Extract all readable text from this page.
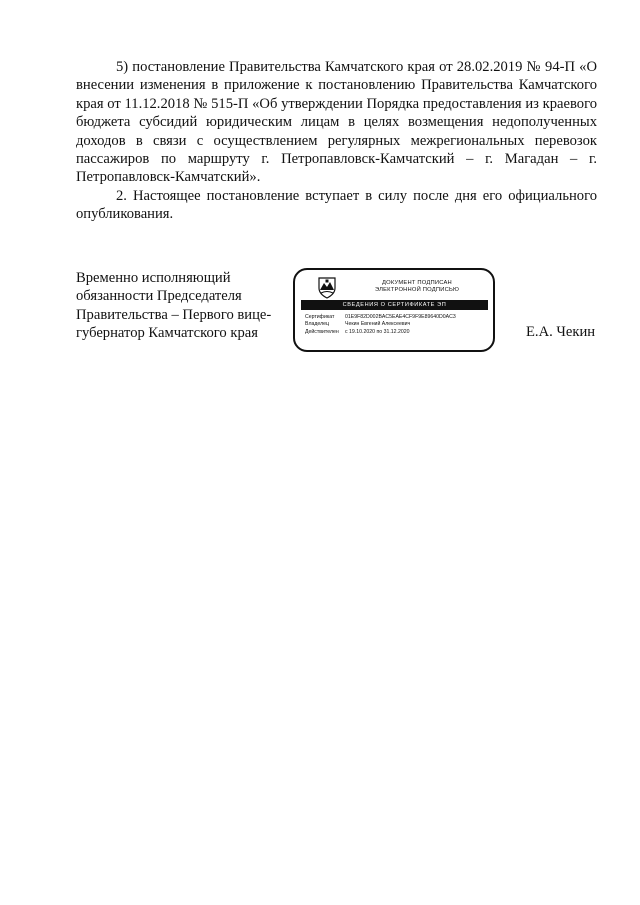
5) постановление Правительства Камчатского края от 28.02.2019 № 94-П «О внесении изменения в приложение к постановлению Правительства Камчатского края от 11.12.2018 № 515-П «Об утверждении Порядка предоставления из краевого бюджета субсидий юридическим лицам в целях возмещения недополученных доходов в связи с осуществлением регулярных межрегиональных перевозок пассажиров по маршруту г. Петропавловск-Камчатский – г. Магадан – г. Петропавловск-Камчатский».

2. Настоящее постановление вступает в силу после дня его официального опубликования.

Временно исполняющий
обязанности Председателя
Правительства – Первого вице-
губернатор Камчатского края
ДОКУМЕНТ ПОДПИСАН
ЭЛЕКТРОННОЙ ПОДПИСЬЮ
СВЕДЕНИЯ О СЕРТИФИКАТЕ ЭП
Сертификат	01E9F82D002BAC5EAE4CF9F9E89640D0AC3
Владелец	Чекин Евгений Алексеевич
Действителен	с 19.10.2020 по 31.12.2020	Е.А. Чекин
